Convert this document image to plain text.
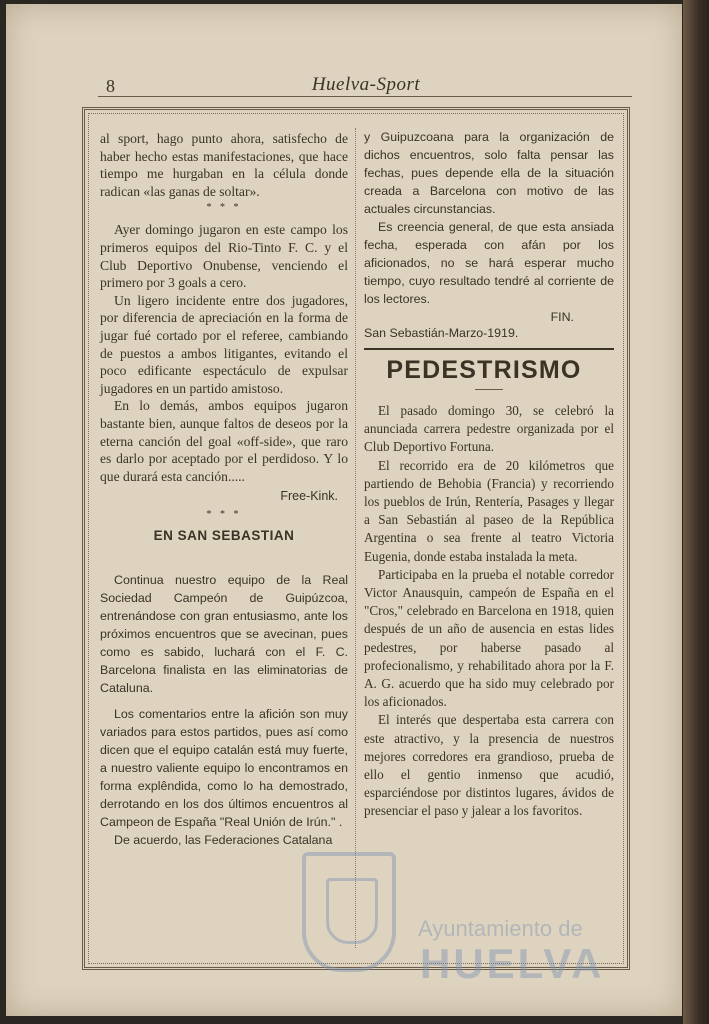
8	Huelva-Sport

al sport, hago punto ahora, satisfecho de haber hecho estas manifestaciones, que hace tiempo me hurgaban en la célula donde radican «las ganas de soltar».

* * *

Ayer domingo jugaron en este campo los primeros equipos del Rio-Tinto F. C. y el Club Deportivo Onubense, venciendo el primero por 3 goals a cero.

Un ligero incidente entre dos jugadores, por diferencia de apreciación en la forma de jugar fué cortado por el referee, cambiando de puestos a ambos litigantes, evitando el poco edificante espectáculo de expulsar jugadores en un partido amistoso.

En lo demás, ambos equipos jugaron bastante bien, aunque faltos de deseos por la eterna canción del goal «off-side», que raro es darlo por aceptado por el perdidoso. Y lo que durará esta canción.....

Free-Kink.
* * *
EN SAN SEBASTIAN

Continua nuestro equipo de la Real Sociedad Campeón de Guipúzcoa, entrenándose con gran entusiasmo, ante los próximos encuentros que se avecinan, pues como es sabido, luchará con el F. C. Barcelona finalista en las eliminatorias de Cataluna.

Los comentarios entre la afición son muy variados para estos partidos, pues así como dicen que el equipo catalán está muy fuerte, a nuestro valiente equipo lo encontramos en forma explêndida, como lo ha demostrado, derrotando en los dos últimos encuentros al Campeon de España "Real Unión de Irún." .

De acuerdo, las Federaciones Catalana

y Guipuzcoana para la organización de dichos encuentros, solo falta pensar las fechas, pues depende ella de la situación creada a Barcelona con motivo de las actuales circunstancias.

Es creencia general, de que esta ansiada fecha, esperada con afán por los aficionados, no se hará esperar mucho tiempo, cuyo resultado tendré al corriente de los lectores.

FIN.
San Sebastián-Marzo-1919.
PEDESTRISMO

El pasado domingo 30, se celebró la anunciada carrera pedestre organizada por el Club Deportivo Fortuna.

El recorrido era de 20 kilómetros que partiendo de Behobia (Francia) y recorriendo los pueblos de Irún, Rentería, Pasages y llegar a San Sebastián al paseo de la República Argentina o sea frente al teatro Victoria Eugenia, donde estaba instalada la meta.

Participaba en la prueba el notable corredor Victor Anausquin, campeón de España en el "Cros," celebrado en Barcelona en 1918, quien después de un año de ausencia en estas lides pedestres, por haberse pasado al profecionalismo, y rehabilitado ahora por la F. A. G. acuerdo que ha sido muy celebrado por los aficionados.

El interés que despertaba esta carrera con este atractivo, y la presencia de nuestros mejores corredores era grandioso, prueba de ello el gentio inmenso que acudió, esparciéndose por distintos lugares, ávidos de presenciar el paso y jalear a los favoritos.

Ayuntamiento de
HUELVA
